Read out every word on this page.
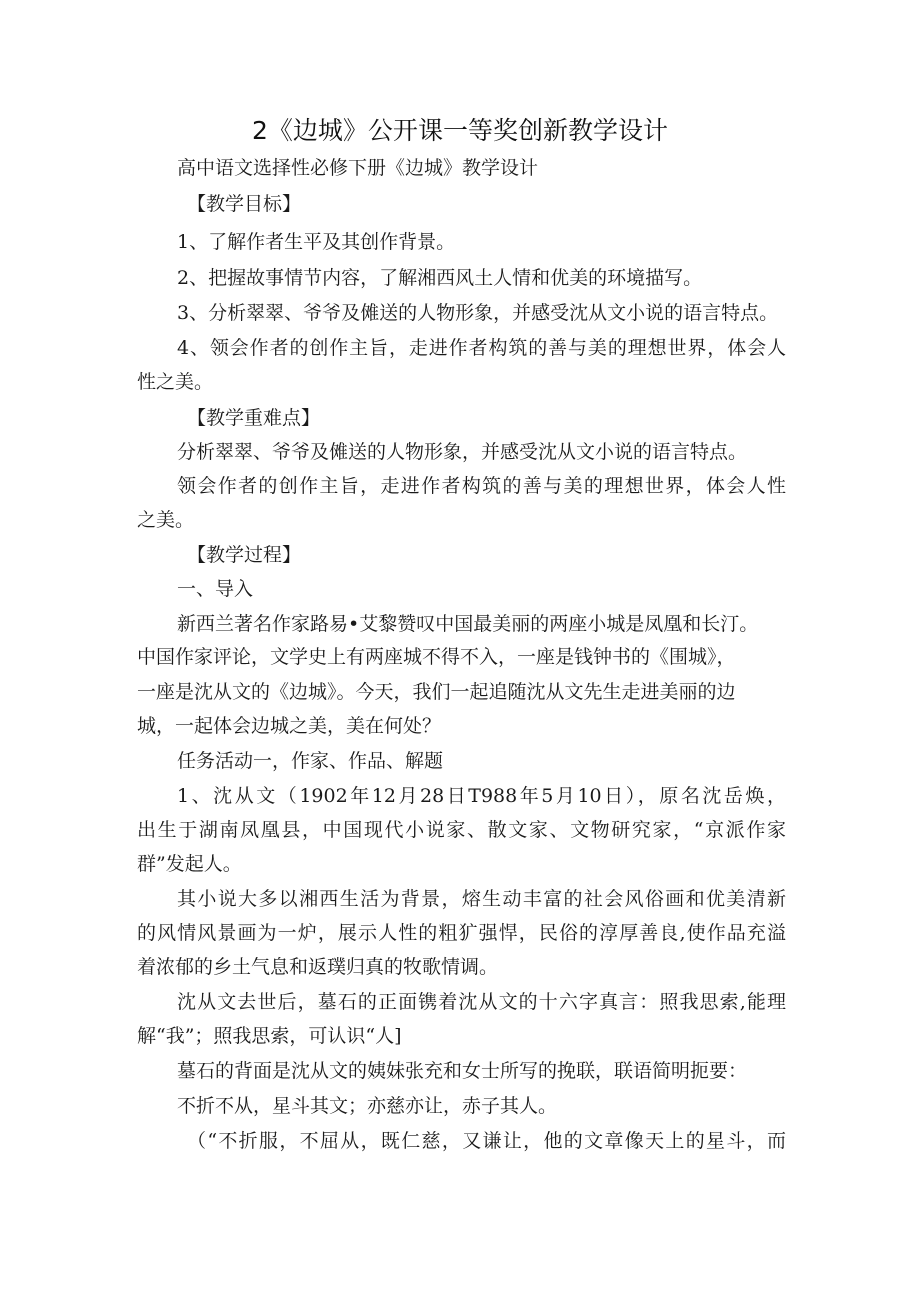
2《边城》公开课一等奖创新教学设计
高中语文选择性必修下册《边城》教学设计
【教学目标】
1、了解作者生平及其创作背景。
2、把握故事情节内容，了解湘西风土人情和优美的环境描写。
3、分析翠翠、爷爷及傩送的人物形象，并感受沈从文小说的语言特点。
4、领会作者的创作主旨，走进作者构筑的善与美的理想世界，体会人
性之美。
【教学重难点】
分析翠翠、爷爷及傩送的人物形象，并感受沈从文小说的语言特点。
领会作者的创作主旨，走进作者构筑的善与美的理想世界，体会人性
之美。
【教学过程】
一、导入
新西兰著名作家路易•艾黎赞叹中国最美丽的两座小城是凤凰和长汀。
中国作家评论，文学史上有两座城不得不入，一座是钱钟书的《围城》，
一座是沈从文的《边城》。今天，我们一起追随沈从文先生走进美丽的边
城，一起体会边城之美，美在何处？
任务活动一，作家、作品、解题
1、沈从文（1902年12月28日T988年5月10日），原名沈岳焕，
出生于湖南凤凰县，中国现代小说家、散文家、文物研究家，“京派作家
群”发起人。
其小说大多以湘西生活为背景，熔生动丰富的社会风俗画和优美清新
的风情风景画为一炉，展示人性的粗犷强悍，民俗的淳厚善良,使作品充溢
着浓郁的乡土气息和返璞归真的牧歌情调。
沈从文去世后，墓石的正面镌着沈从文的十六字真言：照我思索,能理
解“我”；照我思索，可认识“人]
墓石的背面是沈从文的姨妹张充和女士所写的挽联，联语简明扼要：
不折不从，星斗其文；亦慈亦让，赤子其人。
（“不折服，不屈从，既仁慈，又谦让，他的文章像天上的星斗，而
